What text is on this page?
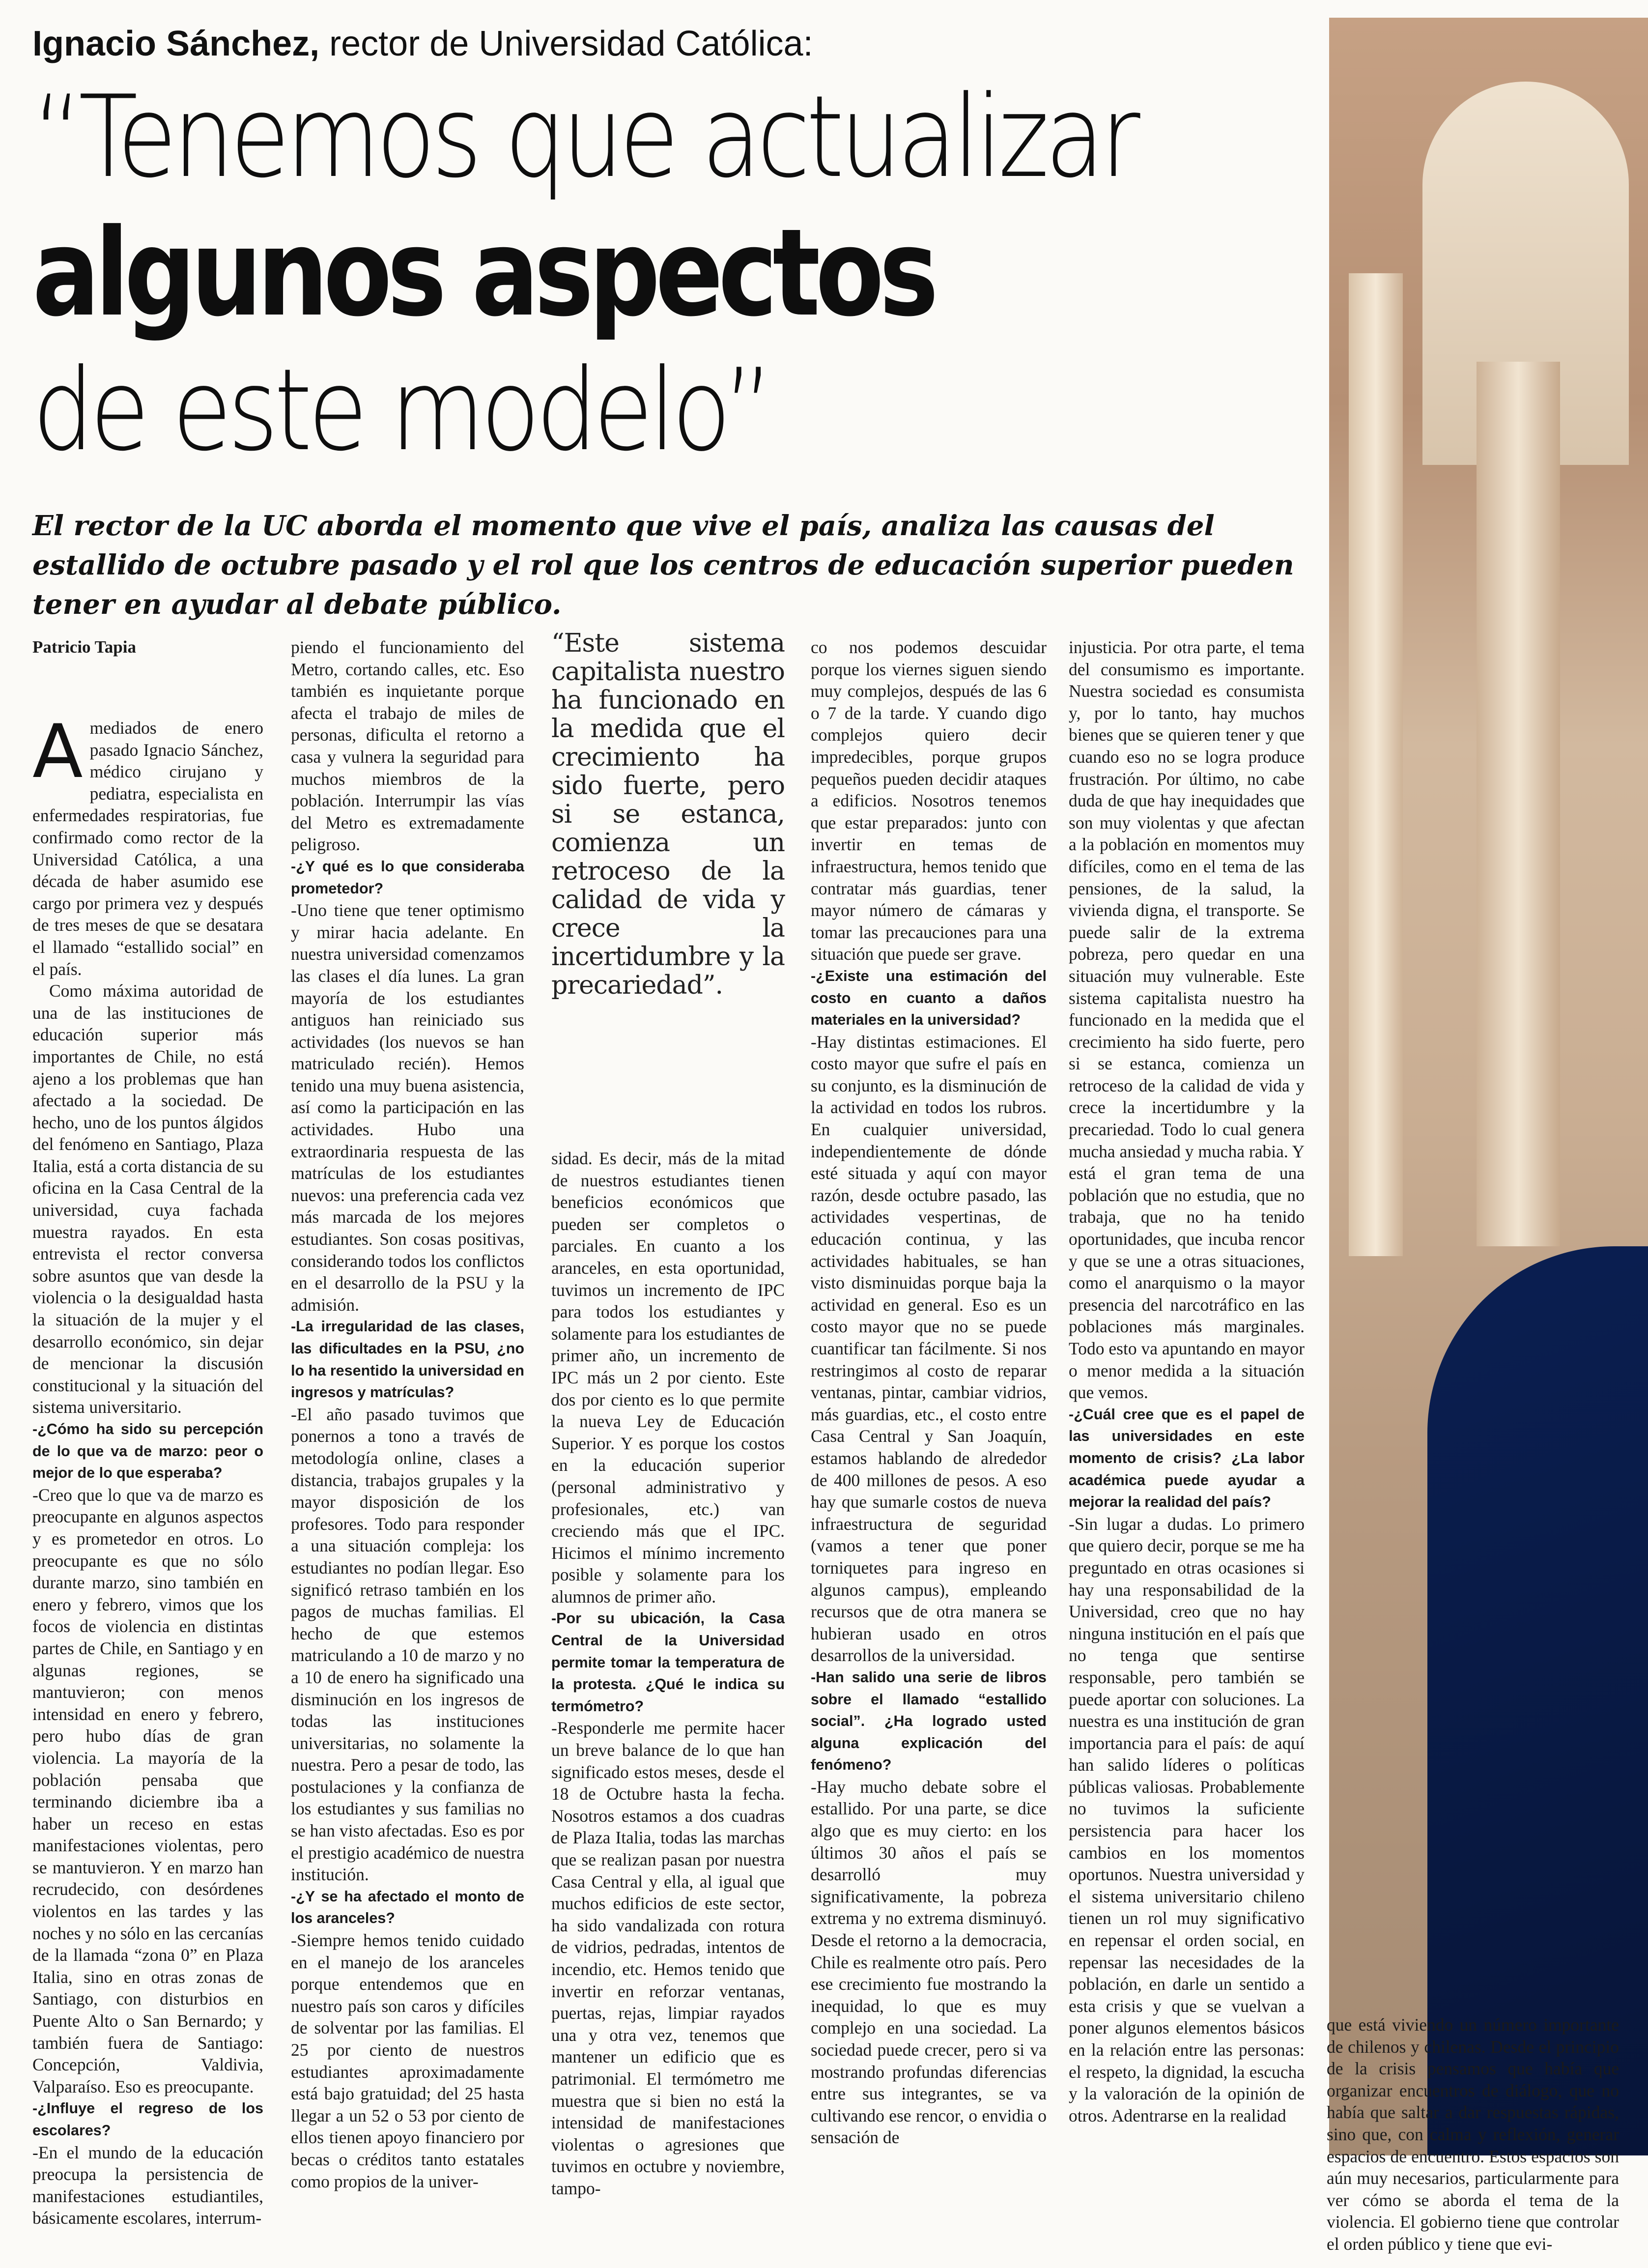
Ignacio Sánchez, rector de Universidad Católica:
“Tenemos que actualizar
algunos aspectos
de este modelo”
El rector de la UC aborda el momento que vive el país, analiza las causas del estallido de octubre pasado y el rol que los centros de educación superior pueden tener en ayudar al debate público.

Patricio Tapia

Amediados de enero pasado Ignacio Sánchez, médico cirujano y pediatra, especialista en enfermedades respiratorias, fue confirmado como rector de la Universidad Católica, a una década de haber asumido ese cargo por primera vez y después de tres meses de que se desatara el llamado “estallido social” en el país.

Como máxima autoridad de una de las instituciones de educación superior más importantes de Chile, no está ajeno a los problemas que han afectado a la sociedad. De hecho, uno de los puntos álgidos del fenómeno en Santiago, Plaza Italia, está a corta distancia de su oficina en la Casa Central de la universidad, cuya fachada muestra rayados. En esta entrevista el rector conversa sobre asuntos que van desde la violencia o la desigualdad hasta la situación de la mujer y el desarrollo económico, sin dejar de mencionar la discusión constitucional y la situación del sistema universitario.

-¿Cómo ha sido su percepción de lo que va de marzo: peor o mejor de lo que esperaba?

-Creo que lo que va de marzo es preocupante en algunos aspectos y es prometedor en otros. Lo preocupante es que no sólo durante marzo, sino también en enero y febrero, vimos que los focos de violencia en distintas partes de Chile, en Santiago y en algunas regiones, se mantuvieron; con menos intensidad en enero y febrero, pero hubo días de gran violencia. La mayoría de la población pensaba que terminando diciembre iba a haber un receso en estas manifestaciones violentas, pero se mantuvieron. Y en marzo han recrudecido, con desórdenes violentos en las tardes y las noches y no sólo en las cercanías de la llamada “zona 0” en Plaza Italia, sino en otras zonas de Santiago, con disturbios en Puente Alto o San Bernardo; y también fuera de Santiago: Concepción, Valdivia, Valparaíso. Eso es preocupante.

-¿Influye el regreso de los escolares?

-En el mundo de la educación preocupa la persistencia de manifestaciones estudiantiles, básicamente escolares, interrum-

piendo el funcionamiento del Metro, cortando calles, etc. Eso también es inquietante porque afecta el trabajo de miles de personas, dificulta el retorno a casa y vulnera la seguridad para muchos miembros de la población. Interrumpir las vías del Metro es extremadamente peligroso.

-¿Y qué es lo que consideraba prometedor?

-Uno tiene que tener optimismo y mirar hacia adelante. En nuestra universidad comenzamos las clases el día lunes. La gran mayoría de los estudiantes antiguos han reiniciado sus actividades (los nuevos se han matriculado recién). Hemos tenido una muy buena asistencia, así como la participación en las actividades. Hubo una extraordinaria respuesta de las matrículas de los estudiantes nuevos: una preferencia cada vez más marcada de los mejores estudiantes. Son cosas positivas, considerando todos los conflictos en el desarrollo de la PSU y la admisión.

-La irregularidad de las clases, las dificultades en la PSU, ¿no lo ha resentido la universidad en ingresos y matrículas?

-El año pasado tuvimos que ponernos a tono a través de metodología online, clases a distancia, trabajos grupales y la mayor disposición de los profesores. Todo para responder a una situación compleja: los estudiantes no podían llegar. Eso significó retraso también en los pagos de muchas familias. El hecho de que estemos matriculando a 10 de marzo y no a 10 de enero ha significado una disminución en los ingresos de todas las instituciones universitarias, no solamente la nuestra. Pero a pesar de todo, las postulaciones y la confianza de los estudiantes y sus familias no se han visto afectadas. Eso es por el prestigio académico de nuestra institución.

-¿Y se ha afectado el monto de los aranceles?

-Siempre hemos tenido cuidado en el manejo de los aranceles porque entendemos que en nuestro país son caros y difíciles de solventar por las familias. El 25 por ciento de nuestros estudiantes aproximadamente está bajo gratuidad; del 25 hasta llegar a un 52 o 53 por ciento de ellos tienen apoyo financiero por becas o créditos tanto estatales como propios de la univer-

“Este sistema capitalista nuestro ha funcionado en la medida que el crecimiento ha sido fuerte, pero si se estanca, comienza un retroceso de la calidad de vida y crece la incertidumbre y la precariedad”.

sidad. Es decir, más de la mitad de nuestros estudiantes tienen beneficios económicos que pueden ser completos o parciales. En cuanto a los aranceles, en esta oportunidad, tuvimos un incremento de IPC para todos los estudiantes y solamente para los estudiantes de primer año, un incremento de IPC más un 2 por ciento. Este dos por ciento es lo que permite la nueva Ley de Educación Superior. Y es porque los costos en la educación superior (personal administrativo y profesionales, etc.) van creciendo más que el IPC. Hicimos el mínimo incremento posible y solamente para los alumnos de primer año.

-Por su ubicación, la Casa Central de la Universidad permite tomar la temperatura de la protesta. ¿Qué le indica su termómetro?

-Responderle me permite hacer un breve balance de lo que han significado estos meses, desde el 18 de Octubre hasta la fecha. Nosotros estamos a dos cuadras de Plaza Italia, todas las marchas que se realizan pasan por nuestra Casa Central y ella, al igual que muchos edificios de este sector, ha sido vandalizada con rotura de vidrios, pedradas, intentos de incendio, etc. Hemos tenido que invertir en reforzar ventanas, puertas, rejas, limpiar rayados una y otra vez, tenemos que mantener un edificio que es patrimonial. El termómetro me muestra que si bien no está la intensidad de manifestaciones violentas o agresiones que tuvimos en octubre y noviembre, tampo-

co nos podemos descuidar porque los viernes siguen siendo muy complejos, después de las 6 o 7 de la tarde. Y cuando digo complejos quiero decir impredecibles, porque grupos pequeños pueden decidir ataques a edificios. Nosotros tenemos que estar preparados: junto con invertir en temas de infraestructura, hemos tenido que contratar más guardias, tener mayor número de cámaras y tomar las precauciones para una situación que puede ser grave.

-¿Existe una estimación del costo en cuanto a daños materiales en la universidad?

-Hay distintas estimaciones. El costo mayor que sufre el país en su conjunto, es la disminución de la actividad en todos los rubros. En cualquier universidad, independientemente de dónde esté situada y aquí con mayor razón, desde octubre pasado, las actividades vespertinas, de educación continua, y las actividades habituales, se han visto disminuidas porque baja la actividad en general. Eso es un costo mayor que no se puede cuantificar tan fácilmente. Si nos restringimos al costo de reparar ventanas, pintar, cambiar vidrios, más guardias, etc., el costo entre Casa Central y San Joaquín, estamos hablando de alrededor de 400 millones de pesos. A eso hay que sumarle costos de nueva infraestructura de seguridad (vamos a tener que poner torniquetes para ingreso en algunos campus), empleando recursos que de otra manera se hubieran usado en otros desarrollos de la universidad.

-Han salido una serie de libros sobre el llamado “estallido social”. ¿Ha logrado usted alguna explicación del fenómeno?

-Hay mucho debate sobre el estallido. Por una parte, se dice algo que es muy cierto: en los últimos 30 años el país se desarrolló muy significativamente, la pobreza extrema y no extrema disminuyó. Desde el retorno a la democracia, Chile es realmente otro país. Pero ese crecimiento fue mostrando la inequidad, lo que es muy complejo en una sociedad. La sociedad puede crecer, pero si va mostrando profundas diferencias entre sus integrantes, se va cultivando ese rencor, o envidia o sensación de

injusticia. Por otra parte, el tema del consumismo es importante. Nuestra sociedad es consumista y, por lo tanto, hay muchos bienes que se quieren tener y que cuando eso no se logra produce frustración. Por último, no cabe duda de que hay inequidades que son muy violentas y que afectan a la población en momentos muy difíciles, como en el tema de las pensiones, de la salud, la vivienda digna, el transporte. Se puede salir de la extrema pobreza, pero quedar en una situación muy vulnerable. Este sistema capitalista nuestro ha funcionado en la medida que el crecimiento ha sido fuerte, pero si se estanca, comienza un retroceso de la calidad de vida y crece la incertidumbre y la precariedad. Todo lo cual genera mucha ansiedad y mucha rabia. Y está el gran tema de una población que no estudia, que no trabaja, que no ha tenido oportunidades, que incuba rencor y que se une a otras situaciones, como el anarquismo o la mayor presencia del narcotráfico en las poblaciones más marginales. Todo esto va apuntando en mayor o menor medida a la situación que vemos.

-¿Cuál cree que es el papel de las universidades en este momento de crisis? ¿La labor académica puede ayudar a mejorar la realidad del país?

-Sin lugar a dudas. Lo primero que quiero decir, porque se me ha preguntado en otras ocasiones si hay una responsabilidad de la Universidad, creo que no hay ninguna institución en el país que no tenga que sentirse responsable, pero también se puede aportar con soluciones. La nuestra es una institución de gran importancia para el país: de aquí han salido líderes o políticas públicas valiosas. Probablemente no tuvimos la suficiente persistencia para hacer los cambios en los momentos oportunos. Nuestra universidad y el sistema universitario chileno tienen un rol muy significativo en repensar el orden social, en repensar las necesidades de la población, en darle un sentido a esta crisis y que se vuelvan a poner algunos elementos básicos en la relación entre las personas: el respeto, la dignidad, la escucha y la valoración de la opinión de otros. Adentrarse en la realidad

que está viviendo un número importante de chilenos y chilenas. Desde el principio de la crisis pensamos que había que organizar encuentros de diálogo, que no había que saltar a dar respuestas rápidas, sino que, con calma y reflexión, generar espacios de encuentro. Estos espacios son aún muy necesarios, particularmente para ver cómo se aborda el tema de la violencia. El gobierno tiene que controlar el orden público y tiene que evi-
